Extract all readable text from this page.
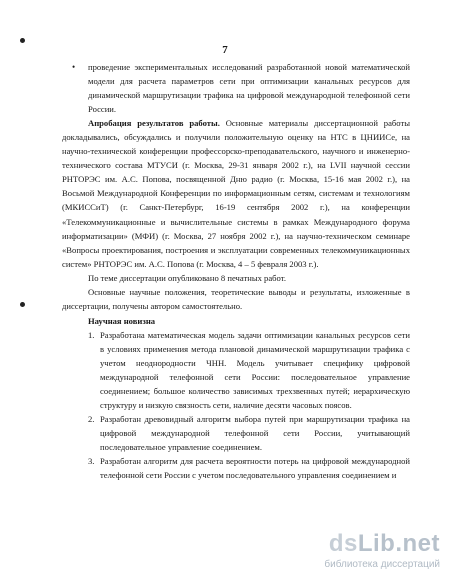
7
•	проведение экспериментальных исследований разработанной новой математической модели для расчета параметров сети при оптимизации канальных ресурсов для динамической маршрутизации трафика на цифровой международной телефонной сети России.

Апробация результатов работы. Основные материалы диссертационной работы докладывались, обсуждались и получили положительную оценку на НТС в ЦНИИСе, на научно-технической конференции профессорско-преподавательского, научного и инженерно-технического состава МТУСИ (г. Москва, 29-31 января 2002 г.), на LVII научной сессии РНТОРЭС им. А.С. Попова, посвященной Дню радио (г. Москва, 15-16 мая 2002 г.), на Восьмой Международной Конференции по информационным сетям, системам и технологиям (МКИССиТ) (г. Санкт-Петербург, 16-19 сентября 2002 г.), на конференции «Телекоммуникационные и вычислительные системы в рамках Международного форума информатизации» (МФИ) (г. Москва, 27 ноября 2002 г.), на научно-техническом семинаре «Вопросы проектирования, построения и эксплуатации современных телекоммуникационных систем» РНТОРЭС им. А.С. Попова (г. Москва, 4 – 5 февраля 2003 г.).

По теме диссертации опубликовано 8 печатных работ.

Основные научные положения, теоретические выводы и результаты, изложенные в диссертации, получены автором самостоятельно.

Научная новизна
1. Разработана математическая модель задачи оптимизации канальных ресурсов сети в условиях применения метода плановой динамической маршрутизации трафика с учетом неоднородности ЧНН. Модель учитывает специфику цифровой международной телефонной сети России: последовательное управление соединением; большое количество зависимых трехзвенных путей; иерархическую структуру и низкую связность сети, наличие десяти часовых поясов.
2. Разработан древовидный алгоритм выбора путей при маршрутизации трафика на цифровой международной телефонной сети России, учитывающий последовательное управление соединением.
3. Разработан алгоритм для расчета вероятности потерь на цифровой международной телефонной сети России с учетом последовательного управления соединением и
dsLib.net
библиотека диссертаций
